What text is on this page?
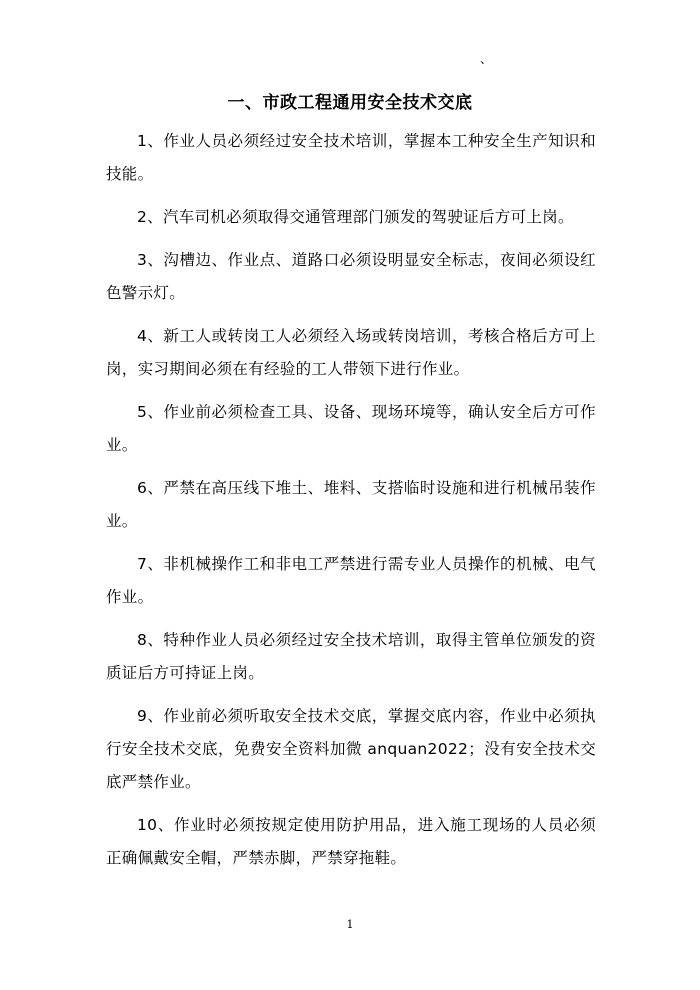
、
一、市政工程通用安全技术交底

1、作业人员必须经过安全技术培训，掌握本工种安全生产知识和技能。

2、汽车司机必须取得交通管理部门颁发的驾驶证后方可上岗。

3、沟槽边、作业点、道路口必须设明显安全标志，夜间必须设红色警示灯。

4、新工人或转岗工人必须经入场或转岗培训，考核合格后方可上岗，实习期间必须在有经验的工人带领下进行作业。

5、作业前必须检查工具、设备、现场环境等，确认安全后方可作业。

6、严禁在高压线下堆土、堆料、支搭临时设施和进行机械吊装作业。

7、非机械操作工和非电工严禁进行需专业人员操作的机械、电气作业。

8、特种作业人员必须经过安全技术培训，取得主管单位颁发的资质证后方可持证上岗。

9、作业前必须听取安全技术交底，掌握交底内容，作业中必须执行安全技术交底，免费安全资料加微 anquan2022；没有安全技术交底严禁作业。

10、作业时必须按规定使用防护用品，进入施工现场的人员必须正确佩戴安全帽，严禁赤脚，严禁穿拖鞋。

1
